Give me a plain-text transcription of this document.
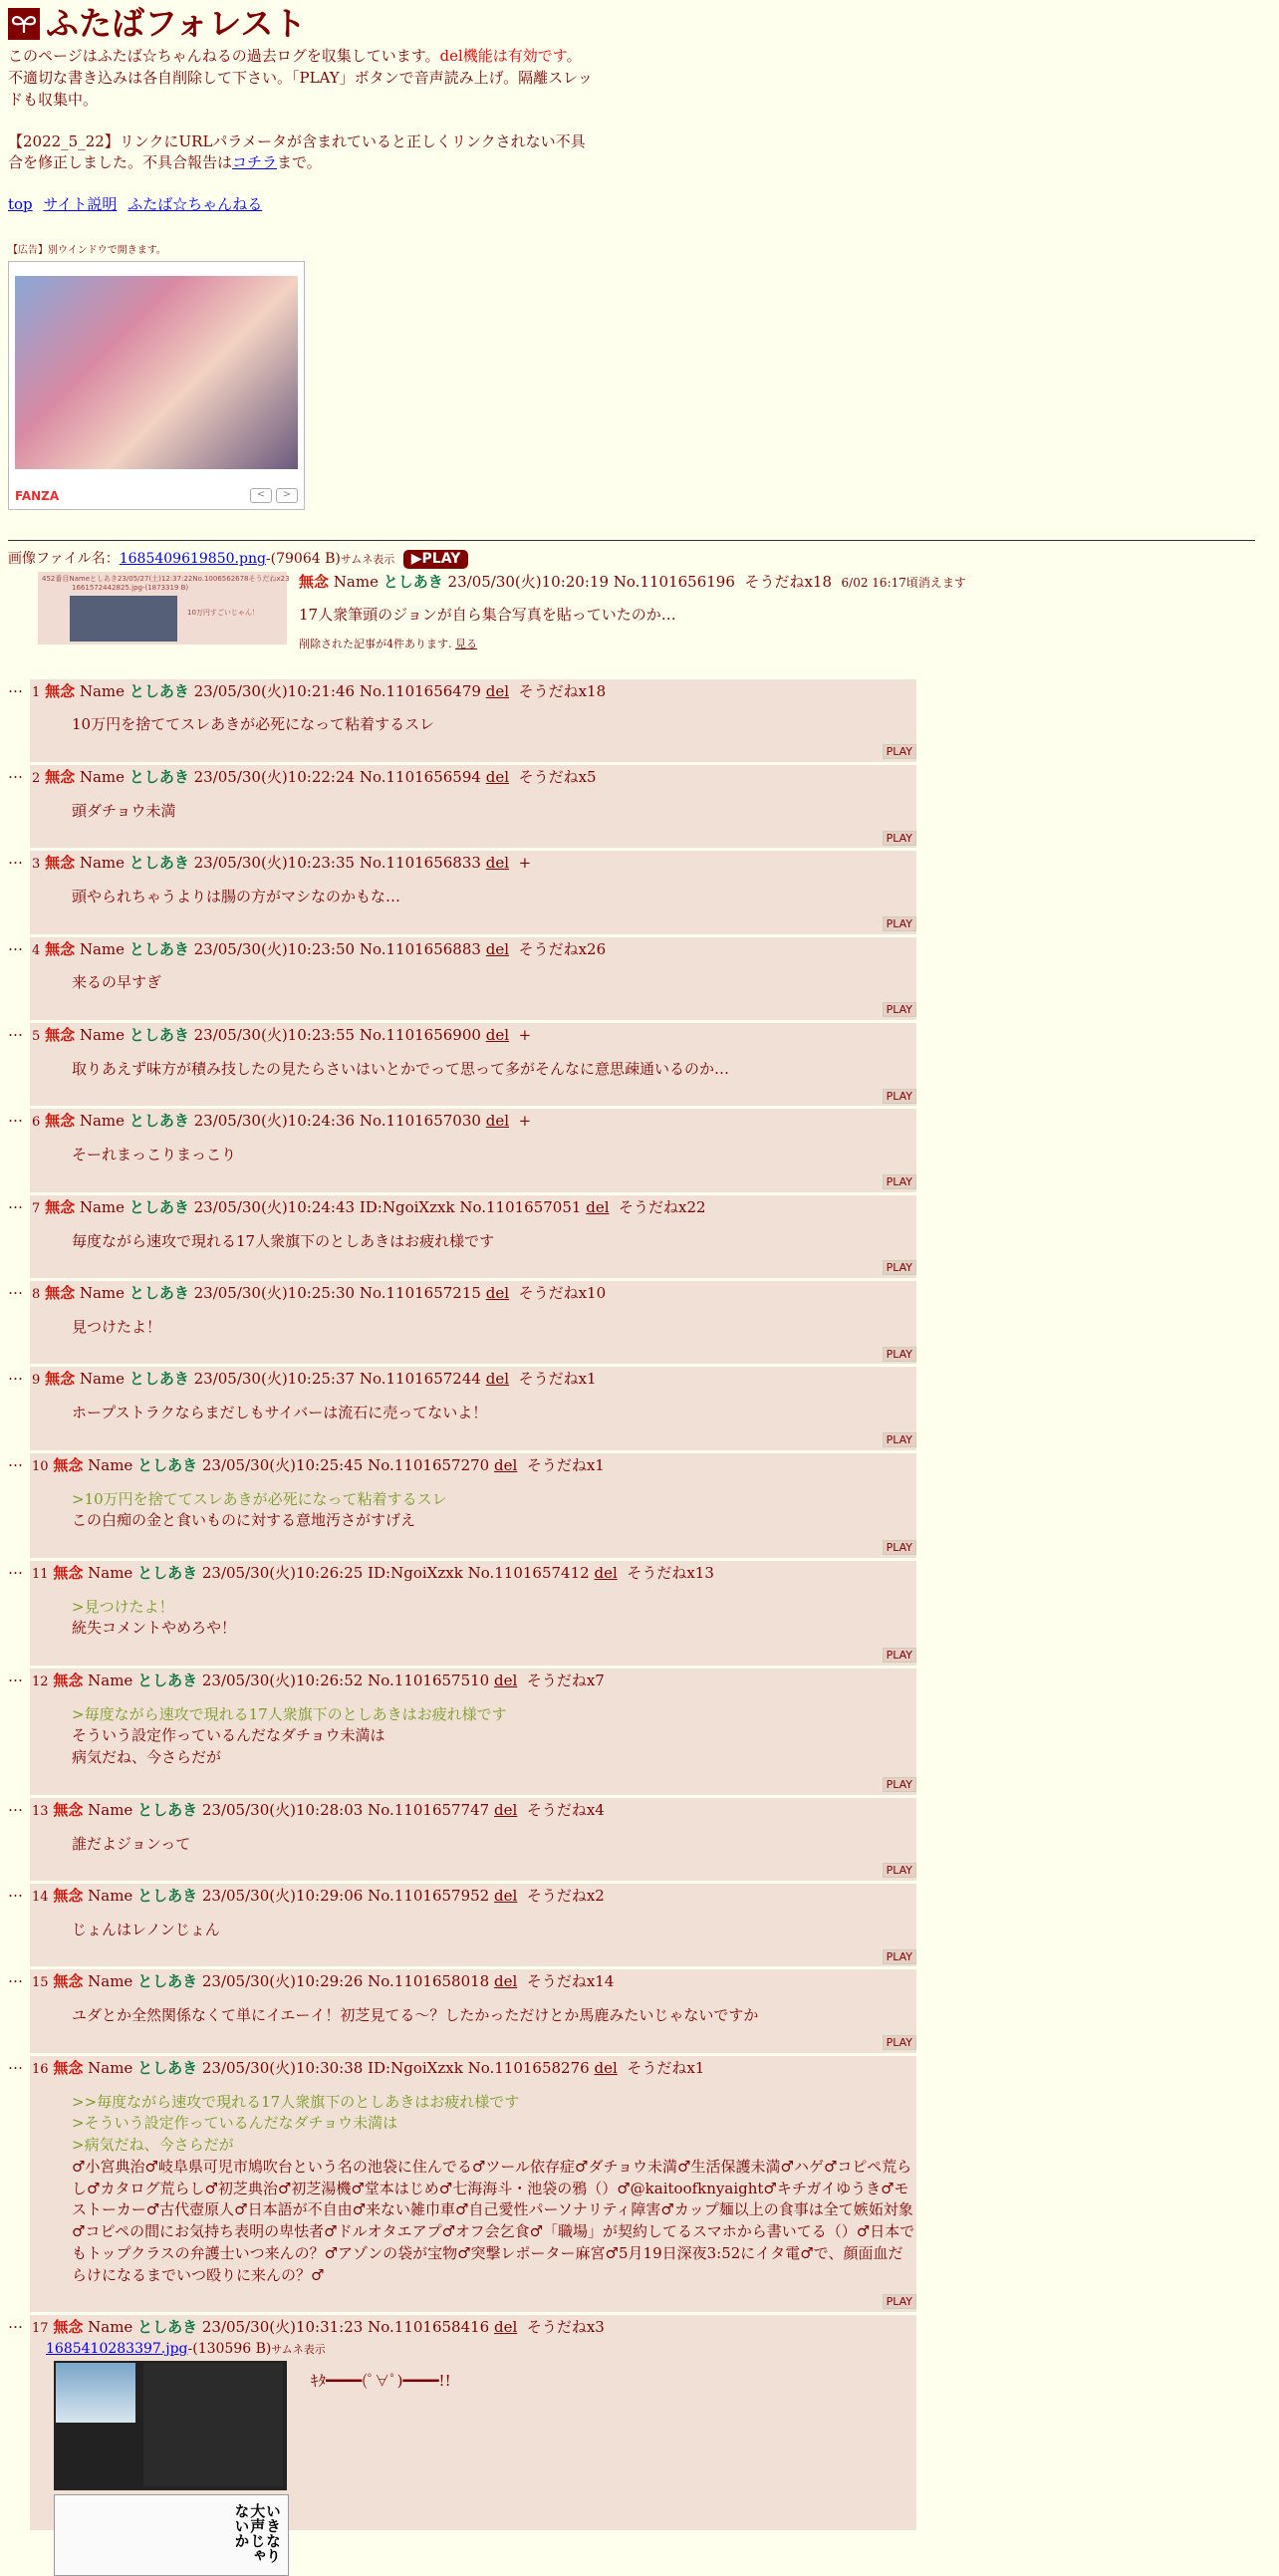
ふたばフォレスト

このページはふたば☆ちゃんねるの過去ログを収集しています。del機能は有効です。不適切な書き込みは各自削除して下さい。「PLAY」ボタンで音声読み上げ。隔離スレッドも収集中。

【2022_5_22】リンクにURLパラメータが含まれていると正しくリンクされない不具合を修正しました。不具合報告はコチラまで。

top サイト説明 ふたば☆ちゃんねる
【広告】別ウインドウで開きます。
FANZA	<	>
画像ファイル名：1685409619850.png-(79064 B)サムネ表示 ▶PLAY
452番目Nameとしあき23/05/27(土)12:37:22No.1006562678そうだねx23
1661572442825.jpg-(1873319 B)
10万円すごいじゃん！
無念 Name としあき 23/05/30(火)10:20:19 No.1101656196 そうだねx18 6/02 16:17頃消えます
17人衆筆頭のジョンが自ら集合写真を貼っていたのか…
削除された記事が4件あります. 見る
… 1 無念 Name としあき 23/05/30(火)10:21:46 No.1101656479 del そうだねx18
10万円を捨ててスレあきが必死になって粘着するスレ
PLAY
… 2 無念 Name としあき 23/05/30(火)10:22:24 No.1101656594 del そうだねx5
頭ダチョウ未満
PLAY
… 3 無念 Name としあき 23/05/30(火)10:23:35 No.1101656833 del +
頭やられちゃうよりは腸の方がマシなのかもな…
PLAY
… 4 無念 Name としあき 23/05/30(火)10:23:50 No.1101656883 del そうだねx26
来るの早すぎ
PLAY
… 5 無念 Name としあき 23/05/30(火)10:23:55 No.1101656900 del +
取りあえず味方が積み技したの見たらさいはいとかでって思って多がそんなに意思疎通いるのか…
PLAY
… 6 無念 Name としあき 23/05/30(火)10:24:36 No.1101657030 del +
そーれまっこりまっこり
PLAY
… 7 無念 Name としあき 23/05/30(火)10:24:43 ID:NgoiXzxk No.1101657051 del そうだねx22
毎度ながら速攻で現れる17人衆旗下のとしあきはお疲れ様です
PLAY
… 8 無念 Name としあき 23/05/30(火)10:25:30 No.1101657215 del そうだねx10
見つけたよ！
PLAY
… 9 無念 Name としあき 23/05/30(火)10:25:37 No.1101657244 del そうだねx1
ホープストラクならまだしもサイバーは流石に売ってないよ！
PLAY
… 10 無念 Name としあき 23/05/30(火)10:25:45 No.1101657270 del そうだねx1
>10万円を捨ててスレあきが必死になって粘着するスレ
この白痴の金と食いものに対する意地汚さがすげえ
PLAY
… 11 無念 Name としあき 23/05/30(火)10:26:25 ID:NgoiXzxk No.1101657412 del そうだねx13
>見つけたよ！
統失コメントやめろや！
PLAY
… 12 無念 Name としあき 23/05/30(火)10:26:52 No.1101657510 del そうだねx7
>毎度ながら速攻で現れる17人衆旗下のとしあきはお疲れ様です
そういう設定作っているんだなダチョウ未満は
病気だね、今さらだが
PLAY
… 13 無念 Name としあき 23/05/30(火)10:28:03 No.1101657747 del そうだねx4
誰だよジョンって
PLAY
… 14 無念 Name としあき 23/05/30(火)10:29:06 No.1101657952 del そうだねx2
じょんはレノンじょん
PLAY
… 15 無念 Name としあき 23/05/30(火)10:29:26 No.1101658018 del そうだねx14
ユダとか全然関係なくて単にイエーイ！初芝見てる〜？したかっただけとか馬鹿みたいじゃないですか
PLAY
… 16 無念 Name としあき 23/05/30(火)10:30:38 ID:NgoiXzxk No.1101658276 del そうだねx1
>>毎度ながら速攻で現れる17人衆旗下のとしあきはお疲れ様です
>そういう設定作っているんだなダチョウ未満は
>病気だね、今さらだが
♂小宮典治♂岐阜県可児市鳩吹台という名の池袋に住んでる♂ツール依存症♂ダチョウ未満♂生活保護未満♂ハゲ♂コピペ荒らし♂カタログ荒らし♂初芝典治♂初芝湯機♂堂本はじめ♂七海海斗・池袋の鴉（）♂@kaitoofknyaight♂キチガイゆうき♂モストーカー♂古代壺原人♂日本語が不自由♂来ない雑巾車♂自己愛性パーソナリティ障害♂カップ麺以上の食事は全て嫉妬対象♂コピペの間にお気持ち表明の卑怯者♂ドルオタエアプ♂オフ会乞食♂「職場」が契約してるスマホから書いてる（）♂日本でもトップクラスの弁護士いつ来んの？♂アゾンの袋が宝物♂突撃レポーター麻宮♂5月19日深夜3:52にイタ電♂で、顔面血だらけになるまでいつ殴りに来んの？♂
PLAY
… 17 無念 Name としあき 23/05/30(火)10:31:23 No.1101658416 del そうだねx3
1685410283397.jpg-(130596 B)サムネ表示
いきなり大声じゃないか
ｷﾀ━━━━(ﾟ∀ﾟ)━━━━!!
